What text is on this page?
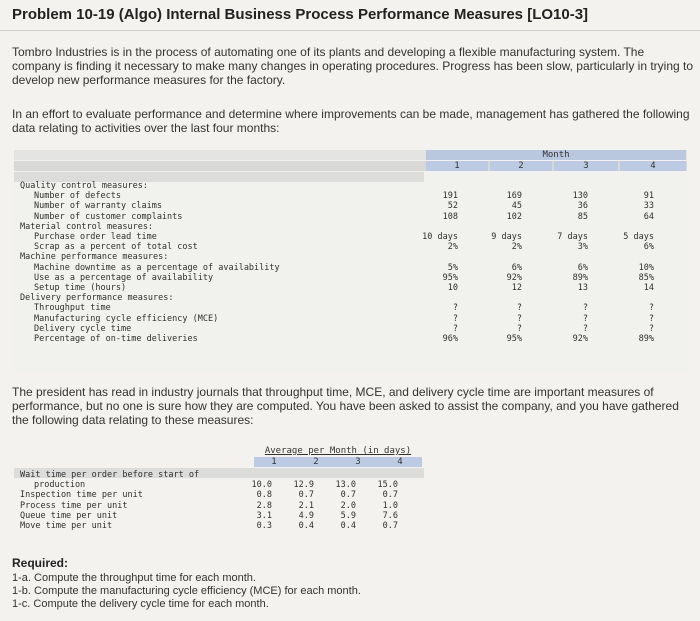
Problem 10-19 (Algo) Internal Business Process Performance Measures [LO10-3]
Tombro Industries is in the process of automating one of its plants and developing a flexible manufacturing system. The company is finding it necessary to make many changes in operating procedures. Progress has been slow, particularly in trying to develop new performance measures for the factory.
In an effort to evaluate performance and determine where improvements can be made, management has gathered the following data relating to activities over the last four months:
Month
1	2	3	4
Quality control measures:
Number of defects	191	169	130	91
Number of warranty claims	52	45	36	33
Number of customer complaints	108	102	85	64
Material control measures:
Purchase order lead time	10 days	9 days	7 days	5 days
Scrap as a percent of total cost	2%	2%	3%	6%
Machine performance measures:
Machine downtime as a percentage of availability	5%	6%	6%	10%
Use as a percentage of availability	95%	92%	89%	85%
Setup time (hours)	10	12	13	14
Delivery performance measures:
Throughput time	?	?	?	?
Manufacturing cycle efficiency (MCE)	?	?	?	?
Delivery cycle time	?	?	?	?
Percentage of on-time deliveries	96%	95%	92%	89%
The president has read in industry journals that throughput time, MCE, and delivery cycle time are important measures of performance, but no one is sure how they are computed. You have been asked to assist the company, and you have gathered the following data relating to these measures:
Average per Month (in days)
1	2	3	4
Wait time per order before start of
production	10.0	12.9	13.0	15.0
Inspection time per unit	0.8	0.7	0.7	0.7
Process time per unit	2.8	2.1	2.0	1.0
Queue time per unit	3.1	4.9	5.9	7.6
Move time per unit	0.3	0.4	0.4	0.7
Required:
1-a. Compute the throughput time for each month.
1-b. Compute the manufacturing cycle efficiency (MCE) for each month.
1-c. Compute the delivery cycle time for each month.
